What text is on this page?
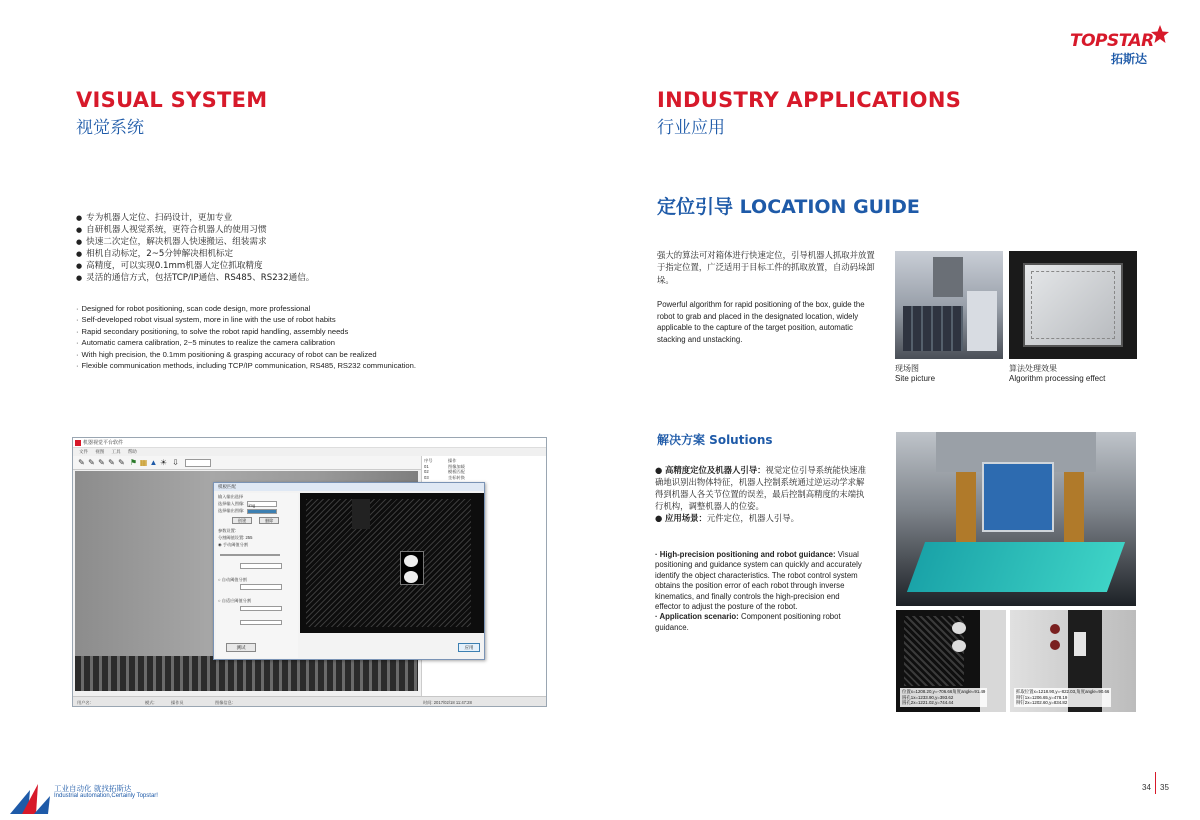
VISUAL SYSTEM
视觉系统
● 专为机器人定位、扫码设计，更加专业
● 自研机器人视觉系统，更符合机器人的使用习惯
● 快速二次定位，解决机器人快速搬运、组装需求
● 相机自动标定，2~5分钟解决相机标定
● 高精度，可以实现0.1mm机器人定位抓取精度
● 灵活的通信方式，包括TCP/IP通信、RS485、RS232通信。
· Designed for robot positioning, scan code design, more professional
· Self-developed robot visual system, more in line with the use of robot habits
· Rapid secondary positioning, to solve the robot rapid handling, assembly needs
· Automatic camera calibration, 2~5 minutes to realize the camera calibration
· With high precision, the 0.1mm positioning & grasping accuracy of robot can be realized
· Flexible communication methods, including TCP/IP communication, RS485, RS232 communication.
机器视觉平台软件
文件 视图 工具 帮助
✎ ✎ ✎ ✎ ✎ ⚑ ▦ ▲ ☀ ⇩	序号	操作
01	图像加载
02	模板匹配
03	坐标转换
模板匹配
输入输出选择
选择输入图像: img
选择输出图像:
创建	删除
参数设置:
分割阈值设置: 255
◉ 手动阈值分割
○ 自动阈值分割
○ 自适应阈值分割
测试	应用
用户名:	模式:	操作员	图像信息:	时间: 2017/02/18 11:47:28
工业自动化 就找拓斯达
Industrial automation,Certainly Topstar!
34 35
TOPSTAR
拓斯达
INDUSTRY APPLICATIONS
行业应用
定位引导 LOCATION GUIDE
强大的算法可对箱体进行快速定位，引导机器人抓取并放置于指定位置，广泛适用于目标工件的抓取放置，自动码垛卸垛。
Powerful algorithm for rapid positioning of the box, guide the robot to grab and placed in the designated location, widely applicable to the capture of the target position, automatic stacking and unstacking.
现场图
Site picture
算法处理效果
Algorithm processing effect
解决方案 Solutions
● 高精度定位及机器人引导：视觉定位引导系统能快速准确地识别出物体特征，机器人控制系统通过逆运动学求解得到机器人各关节位置的误差，最后控制高精度的末端执行机构，调整机器人的位姿。
● 应用场景：元件定位，机器人引导。
· High-precision positioning and robot guidance: Visual positioning and guidance system can quickly and accurately identify the object characteristics. The robot control system obtains the position error of each robot through inverse kinematics, and finally controls the high-precision end effector to adjust the posture of the robot.
· Application scenario: Component positioning robot guidance.
位置x=1208.20,y=-706.66角度angle=91.49
圆孔1x=1233.90,y=393.62
圆孔2x=1221.02,y=744.44
抓取位置x=1218.90,y=-822.03,角度angle=90.66
铆钉1x=1206.65,y=478.19
铆钉2x=1202.60,y=834.82
